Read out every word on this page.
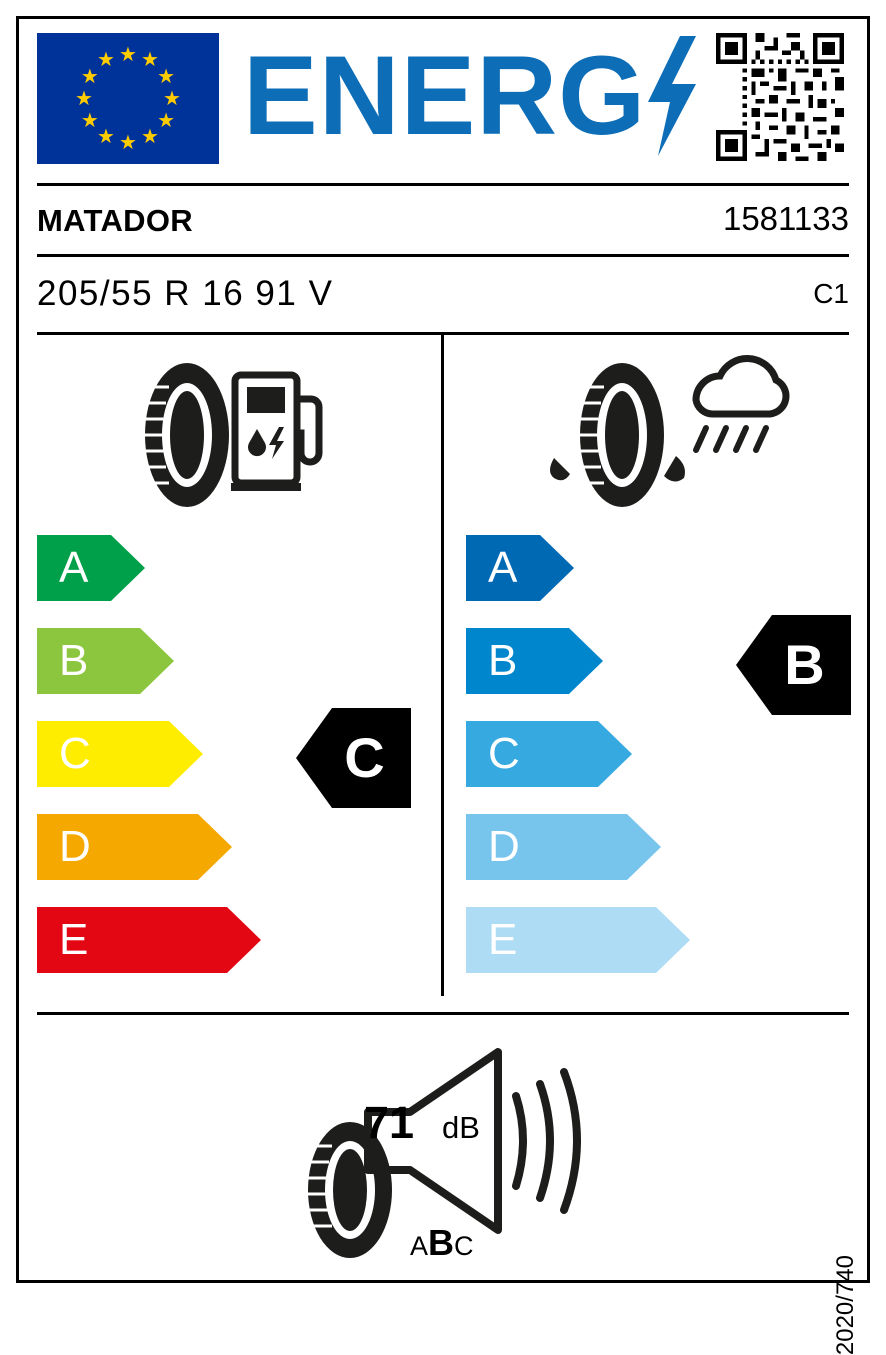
★ ★
★
★
★
★
★
★
★
★
★
★ ENERG
MATADOR	1581133
205/55 R 16 91 V	C1
A
B
C
D
E
C
A
B
C
D
E
B
71 dB
ABC
2020/740
